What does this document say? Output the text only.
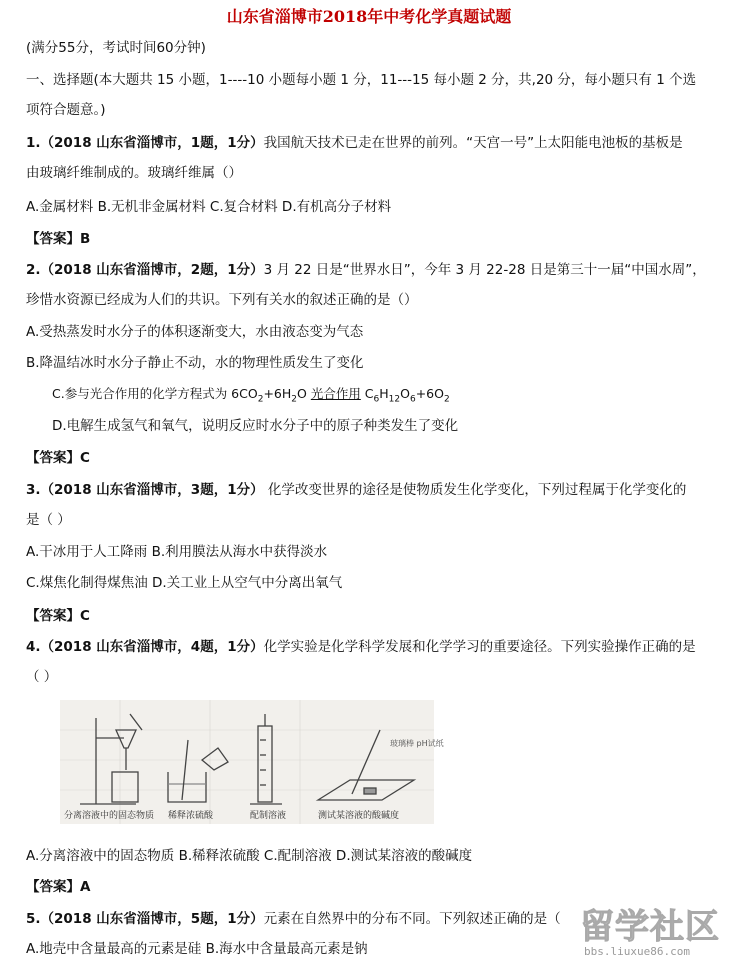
山东省淄博市2018年中考化学真题试题
(满分55分，考试时间60分钟)
一、选择题(本大题共 15 小题，1----10 小题每小题 1 分，11---15 每小题 2 分，共,20 分，每小题只有 1 个选
项符合题意。)
1.（2018 山东省淄博市，1题，1分）我国航天技术已走在世界的前列。“天宫一号”上太阳能电池板的基板是
由玻璃纤维制成的。玻璃纤维属（）
A.金属材料 B.无机非金属材料 C.复合材料 D.有机高分子材料
【答案】B
2.（2018 山东省淄博市，2题，1分）3 月 22 日是“世界水日”，今年 3 月 22-28 日是第三十一届“中国水周”，
珍惜水资源已经成为人们的共识。下列有关水的叙述正确的是（）
A.受热蒸发时水分子的体积逐渐变大，水由液态变为气态
B.降温结冰时水分子静止不动，水的物理性质发生了变化
C.参与光合作用的化学方程式为 $6CO_2+6H_2O$ 光合作用 $C_6H_{12}O_6+6O_2$
D.电解生成氢气和氧气，说明反应时水分子中的原子种类发生了变化
【答案】C
3.（2018 山东省淄博市，3题，1分） 化学改变世界的途径是使物质发生化学变化，下列过程属于化学变化的
是（ ）
A.干冰用于人工降雨 B.利用膜法从海水中获得淡水
C.煤焦化制得煤焦油 D.关工业上从空气中分离出氧气
【答案】C
4.（2018 山东省淄博市，4题，1分）化学实验是化学科学发展和化学学习的重要途径。下列实验操作正确的是
（ ）
玻璃棒 pH试纸
分离溶液中的固态物质 稀释浓硫酸	配制溶液	测试某溶液的酸碱度
A.分离溶液中的固态物质 B.稀释浓硫酸 C.配制溶液 D.测试某溶液的酸碱度
【答案】A
5.（2018 山东省淄博市，5题，1分）元素在自然界中的分布不同。下列叙述正确的是（
A.地壳中含量最高的元素是硅 B.海水中含量最高元素是钠
留学社区
bbs.liuxue86.com
